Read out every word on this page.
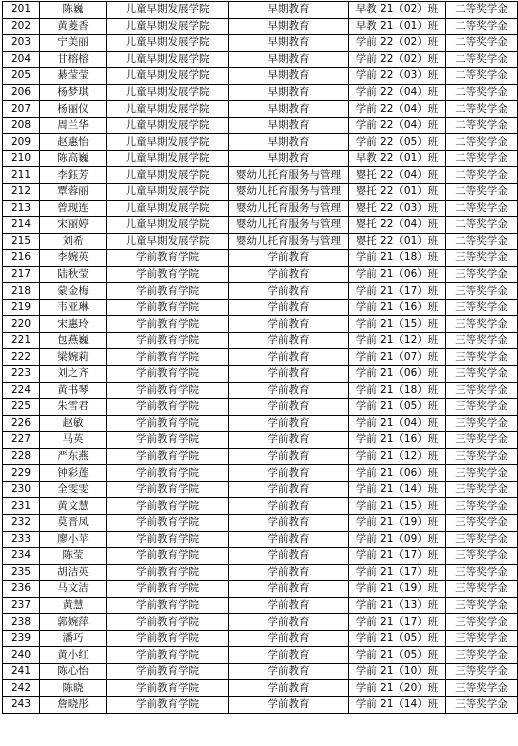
201	陈巍	儿童早期发展学院	早期教育	早教 21（02）班	二等奖学金
202	黄菱香	儿童早期发展学院	早期教育	早教 21（01）班	二等奖学金
203	宁美丽	儿童早期发展学院	早期教育	学前 22（02）班	二等奖学金
204	甘榕榕	儿童早期发展学院	早期教育	学前 22（02）班	二等奖学金
205	綦莹莹	儿童早期发展学院	早期教育	学前 22（03）班	二等奖学金
206	杨梦琪	儿童早期发展学院	早期教育	学前 22（04）班	二等奖学金
207	杨丽仪	儿童早期发展学院	早期教育	学前 22（04）班	二等奖学金
208	周兰华	儿童早期发展学院	早期教育	学前 22（04）班	二等奖学金
209	赵惠怡	儿童早期发展学院	早期教育	学前 22（05）班	二等奖学金
210	陈高巍	儿童早期发展学院	早期教育	早教 22（01）班	二等奖学金
211	李鈺芳	儿童早期发展学院	婴幼儿托育服务与管理	婴托 22（04）班	二等奖学金
212	覃蓉丽	儿童早期发展学院	婴幼儿托育服务与管理	婴托 22（01）班	二等奖学金
213	曾现连	儿童早期发展学院	婴幼儿托育服务与管理	婴托 22（03）班	二等奖学金
214	宋丽婷	儿童早期发展学院	婴幼儿托育服务与管理	婴托 22（04）班	二等奖学金
215	刘希	儿童早期发展学院	婴幼儿托育服务与管理	婴托 22（01）班	二等奖学金
216	李婉英	学前教育学院	学前教育	学前 21（18）班	三等奖学金
217	陆秋莹	学前教育学院	学前教育	学前 21（06）班	三等奖学金
218	蒙金梅	学前教育学院	学前教育	学前 21（17）班	三等奖学金
219	韦亚琳	学前教育学院	学前教育	学前 21（16）班	三等奖学金
220	宋惠玲	学前教育学院	学前教育	学前 21（15）班	三等奖学金
221	包燕巍	学前教育学院	学前教育	学前 21（12）班	三等奖学金
222	梁婉莉	学前教育学院	学前教育	学前 21（07）班	三等奖学金
223	刘之齐	学前教育学院	学前教育	学前 21（06）班	三等奖学金
224	黄书琴	学前教育学院	学前教育	学前 21（18）班	三等奖学金
225	朱雪君	学前教育学院	学前教育	学前 21（05）班	三等奖学金
226	赵敏	学前教育学院	学前教育	学前 21（04）班	三等奖学金
227	马英	学前教育学院	学前教育	学前 21（16）班	三等奖学金
228	严东燕	学前教育学院	学前教育	学前 21（12）班	三等奖学金
229	钟彩莲	学前教育学院	学前教育	学前 21（06）班	三等奖学金
230	全雯雯	学前教育学院	学前教育	学前 21（14）班	三等奖学金
231	黄文慧	学前教育学院	学前教育	学前 21（15）班	三等奖学金
232	莫晋凤	学前教育学院	学前教育	学前 21（19）班	三等奖学金
233	廖小苹	学前教育学院	学前教育	学前 21（09）班	三等奖学金
234	陈莹	学前教育学院	学前教育	学前 21（17）班	三等奖学金
235	胡洁英	学前教育学院	学前教育	学前 21（17）班	三等奖学金
236	马文洁	学前教育学院	学前教育	学前 21（19）班	三等奖学金
237	黄慧	学前教育学院	学前教育	学前 21（13）班	三等奖学金
238	郭婉萍	学前教育学院	学前教育	学前 21（17）班	三等奖学金
239	潘巧	学前教育学院	学前教育	学前 21（05）班	三等奖学金
240	黄小红	学前教育学院	学前教育	学前 21（05）班	三等奖学金
241	陈心怡	学前教育学院	学前教育	学前 21（10）班	三等奖学金
242	陈晓	学前教育学院	学前教育	学前 21（20）班	三等奖学金
243	詹晓彤	学前教育学院	学前教育	学前 21（14）班	三等奖学金
